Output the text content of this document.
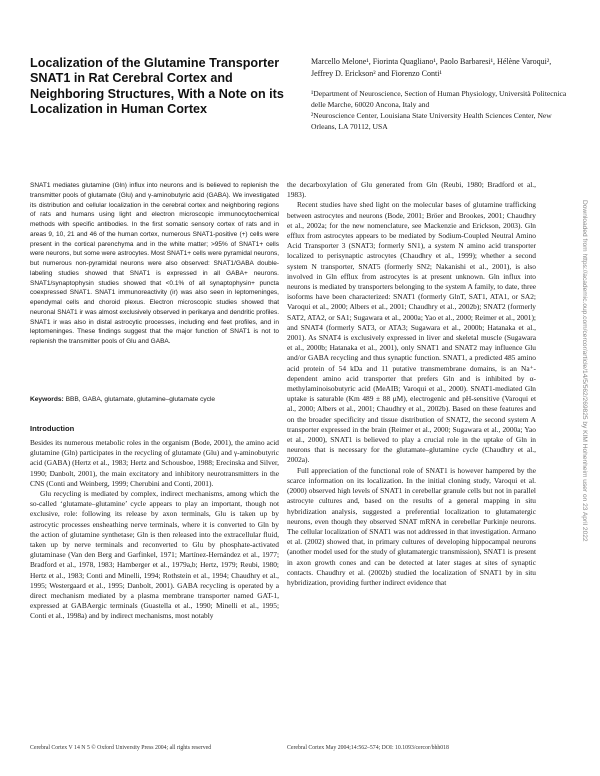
Localization of the Glutamine Transporter SNAT1 in Rat Cerebral Cortex and Neighboring Structures, With a Note on its Localization in Human Cortex

Marcello Melone¹, Fiorinta Quagliano¹, Paolo Barbaresi¹, Hélène Varoqui², Jeffrey D. Erickson² and Fiorenzo Conti¹

¹Department of Neuroscience, Section of Human Physiology, Università Politecnica delle Marche, 60020 Ancona, Italy and

²Neuroscience Center, Louisiana State University Health Sciences Center, New Orleans, LA 70112, USA

SNAT1 mediates glutamine (Gln) influx into neurons and is believed to replenish the transmitter pools of glutamate (Glu) and γ-aminobutyric acid (GABA). We investigated its distribution and cellular localization in the cerebral cortex and neighboring regions of rats and humans using light and electron microscopic immunocytochemical methods with specific antibodies. In the first somatic sensory cortex of rats and in areas 9, 10, 21 and 46 of the human cortex, numerous SNAT1-positive (+) cells were present in the cortical parenchyma and in the white matter; >95% of SNAT1+ cells were neurons, but some were astrocytes. Most SNAT1+ cells were pyramidal neurons, but numerous non-pyramidal neurons were also observed: SNAT1/GABA double-labeling studies showed that SNAT1 is expressed in all GABA+ neurons. SNAT1/synaptophysin studies showed that <0.1% of all synaptophysin+ puncta coexpressed SNAT1. SNAT1 immunoreactivity (ir) was also seen in leptomeninges, ependymal cells and choroid plexus. Electron microscopic studies showed that neuronal SNAT1 ir was almost exclusively observed in perikarya and dendritic profiles. SNAT1 ir was also in distal astrocytic processes, including end feet profiles, and in leptomeninges. These findings suggest that the major function of SNAT1 is not to replenish the transmitter pools of Glu and GABA.

Keywords: BBB, GABA, glutamate, glutamine–glutamate cycle

Introduction

Besides its numerous metabolic roles in the organism (Bode, 2001), the amino acid glutamine (Gln) participates in the recycling of glutamate (Glu) and γ-aminobutyric acid (GABA) (Hertz et al., 1983; Hertz and Schousboe, 1988; Erecinska and Silver, 1990; Danbolt, 2001), the main excitatory and inhibitory neurotransmitters in the CNS (Conti and Weinberg, 1999; Cherubini and Conti, 2001).

Glu recycling is mediated by complex, indirect mechanisms, among which the so-called ‘glutamate–glutamine’ cycle appears to play an important, though not exclusive, role: following its release by axon terminals, Glu is taken up by astrocytic processes ensheathing nerve terminals, where it is converted to Gln by the action of glutamine synthetase; Gln is then released into the extracellular fluid, taken up by nerve terminals and reconverted to Glu by phosphate-activated glutaminase (Van den Berg and Garfinkel, 1971; Martínez-Hernández et al., 1977; Bradford et al., 1978, 1983; Hamberger et al., 1979a,b; Hertz, 1979; Reubi, 1980; Hertz et al., 1983; Conti and Minelli, 1994; Rothstein et al., 1994; Chaudhry et al., 1995; Westergaard et al., 1995; Danbolt, 2001). GABA recycling is operated by a direct mechanism mediated by a plasma membrane transporter named GAT-1, expressed at GABAergic terminals (Guastella et al., 1990; Minelli et al., 1995; Conti et al., 1998a) and by indirect mechanisms, most notably

the decarboxylation of Glu generated from Gln (Reubi, 1980; Bradford et al., 1983).

Recent studies have shed light on the molecular bases of glutamine trafficking between astrocytes and neurons (Bode, 2001; Bröer and Brookes, 2001; Chaudhry et al., 2002a; for the new nomenclature, see Mackenzie and Erickson, 2003). Gln efflux from astrocytes appears to be mediated by Sodium-Coupled Neutral Amino Acid Transporter 3 (SNAT3; formerly SN1), a system N amino acid transporter localized to perisynaptic astrocytes (Chaudhry et al., 1999); whether a second system N transporter, SNAT5 (formerly SN2; Nakanishi et al., 2001), is also involved in Gln efflux from astrocytes is at present unknown. Gln influx into neurons is mediated by transporters belonging to the system A family, to date, three isoforms have been characterized: SNAT1 (formerly GlnT, SAT1, ATA1, or SA2; Varoqui et al., 2000; Albers et al., 2001; Chaudhry et al., 2002b); SNAT2 (formerly SAT2, ATA2, or SA1; Sugawara et al., 2000a; Yao et al., 2000; Reimer et al., 2001); and SNAT4 (formerly SAT3, or ATA3; Sugawara et al., 2000b; Hatanaka et al., 2001). As SNAT4 is exclusively expressed in liver and skeletal muscle (Sugawara et al., 2000b; Hatanaka et al., 2001), only SNAT1 and SNAT2 may influence Glu and/or GABA recycling and thus synaptic function. SNAT1, a predicted 485 amino acid protein of 54 kDa and 11 putative transmembrane domains, is an Na⁺-dependent amino acid transporter that prefers Gln and is inhibited by α-methylaminoisobutyric acid (MeAIB; Varoqui et al., 2000). SNAT1-mediated Gln uptake is saturable (Km 489 ± 88 μM), electrogenic and pH-sensitive (Varoqui et al., 2000; Albers et al., 2001; Chaudhry et al., 2002b). Based on these features and on the broader specificity and tissue distribution of SNAT2, the second system A transporter expressed in the brain (Reimer et al., 2000; Sugawara et al., 2000a; Yao et al., 2000), SNAT1 is believed to play a crucial role in the uptake of Gln in neurons that is necessary for the glutamate–glutamine cycle (Chaudhry et al., 2002a).

Full appreciation of the functional role of SNAT1 is however hampered by the scarce information on its localization. In the initial cloning study, Varoqui et al. (2000) observed high levels of SNAT1 in cerebellar granule cells but not in parallel astrocyte cultures and, based on the results of a general mapping in situ hybridization analysis, suggested a preferential localization to glutamatergic neurons, even though they observed SNAT mRNA in cerebellar Purkinje neurons. The cellular localization of SNAT1 was not addressed in that investigation. Armano et al. (2002) showed that, in primary cultures of developing hippocampal neurons (another model used for the study of glutamatergic transmission), SNAT1 is present in axon growth cones and can be detected at later stages at sites of synaptic contacts. Chaudhry et al. (2002b) studied the localization of SNAT1 by in situ hybridization, providing further indirect evidence that

Cerebral Cortex V 14 N 5 © Oxford University Press 2004; all rights reserved	Cerebral Cortex May 2004;14:562–574; DOI: 10.1093/cercor/bhh018

Downloaded from https://academic.oup.com/cercor/article/14/5/562/269825 by KIM Hohenheim user on 23 April 2022
